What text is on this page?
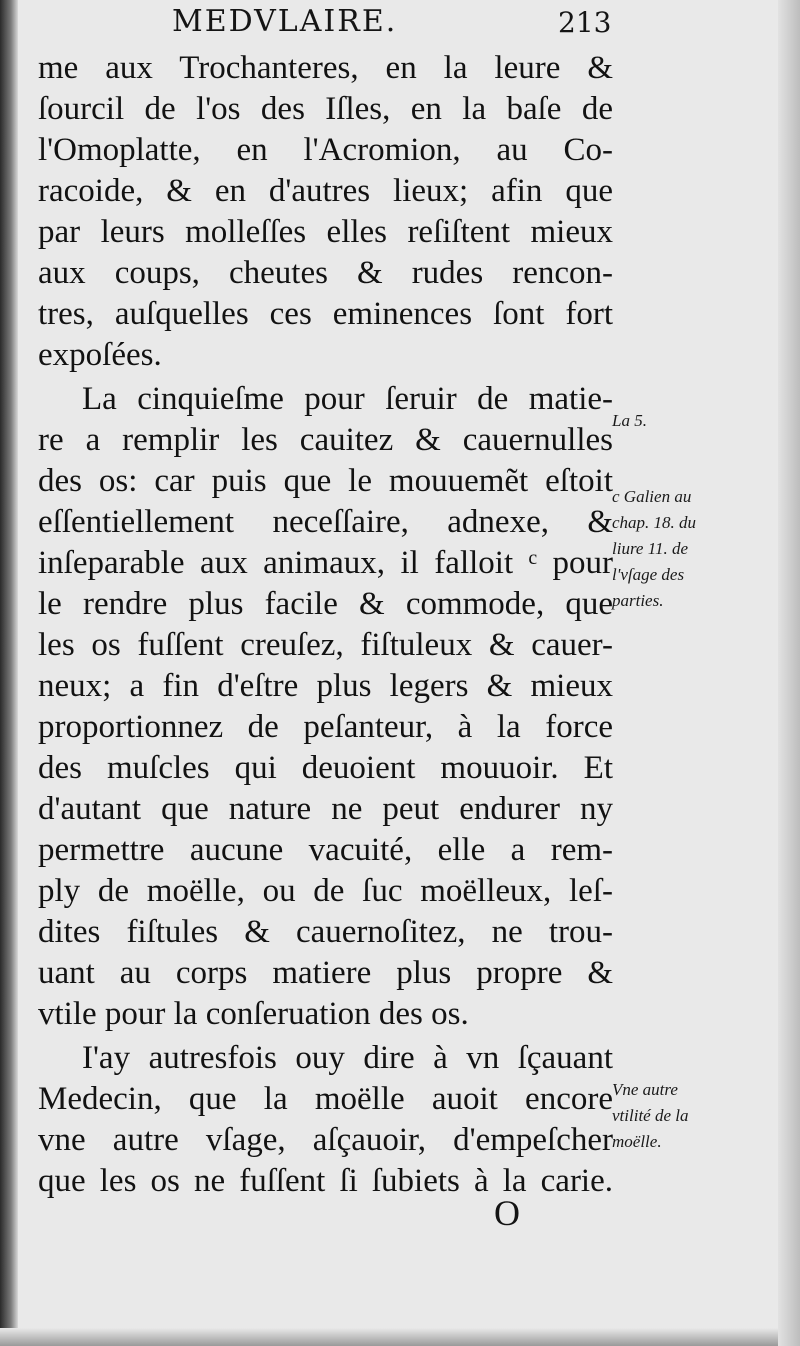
MEDVLAIRE.	213
me aux Trochanteres, en la leure &
ſourcil de l'os des Iſles, en la baſe de
l'Omoplatte, en l'Acromion, au Co-
racoide, & en d'autres lieux; afin que
par leurs molleſſes elles reſiſtent mieux
aux coups, cheutes & rudes rencon-
tres, auſquelles ces eminences ſont fort
expoſées.
La cinquieſme pour ſeruir de matie-
re a remplir les cauitez & cauernulles
des os: car puis que le mouuemẽt eſtoit
eſſentiellement neceſſaire, adnexe, &
inſeparable aux animaux, il falloit ᶜ pour
le rendre plus facile & commode, que
les os fuſſent creuſez, fiſtuleux & cauer-
neux; a fin d'eſtre plus legers & mieux
proportionnez de peſanteur, à la force
des muſcles qui deuoient mouuoir. Et
d'autant que nature ne peut endurer ny
permettre aucune vacuité, elle a rem-
ply de moëlle, ou de ſuc moëlleux, leſ-
dites fiſtules & cauernoſitez, ne trou-
uant au corps matiere plus propre &
vtile pour la conſeruation des os.
I'ay autresfois ouy dire à vn ſçauant
Medecin, que la moëlle auoit encore
vne autre vſage, aſçauoir, d'empeſcher
que les os ne fuſſent ſi ſubiets à la carie.
La 5.
c Galien au
chap. 18. du
liure 11. de
l'vſage des
parties.
Vne autre
vtilité de la
moëlle.
O
